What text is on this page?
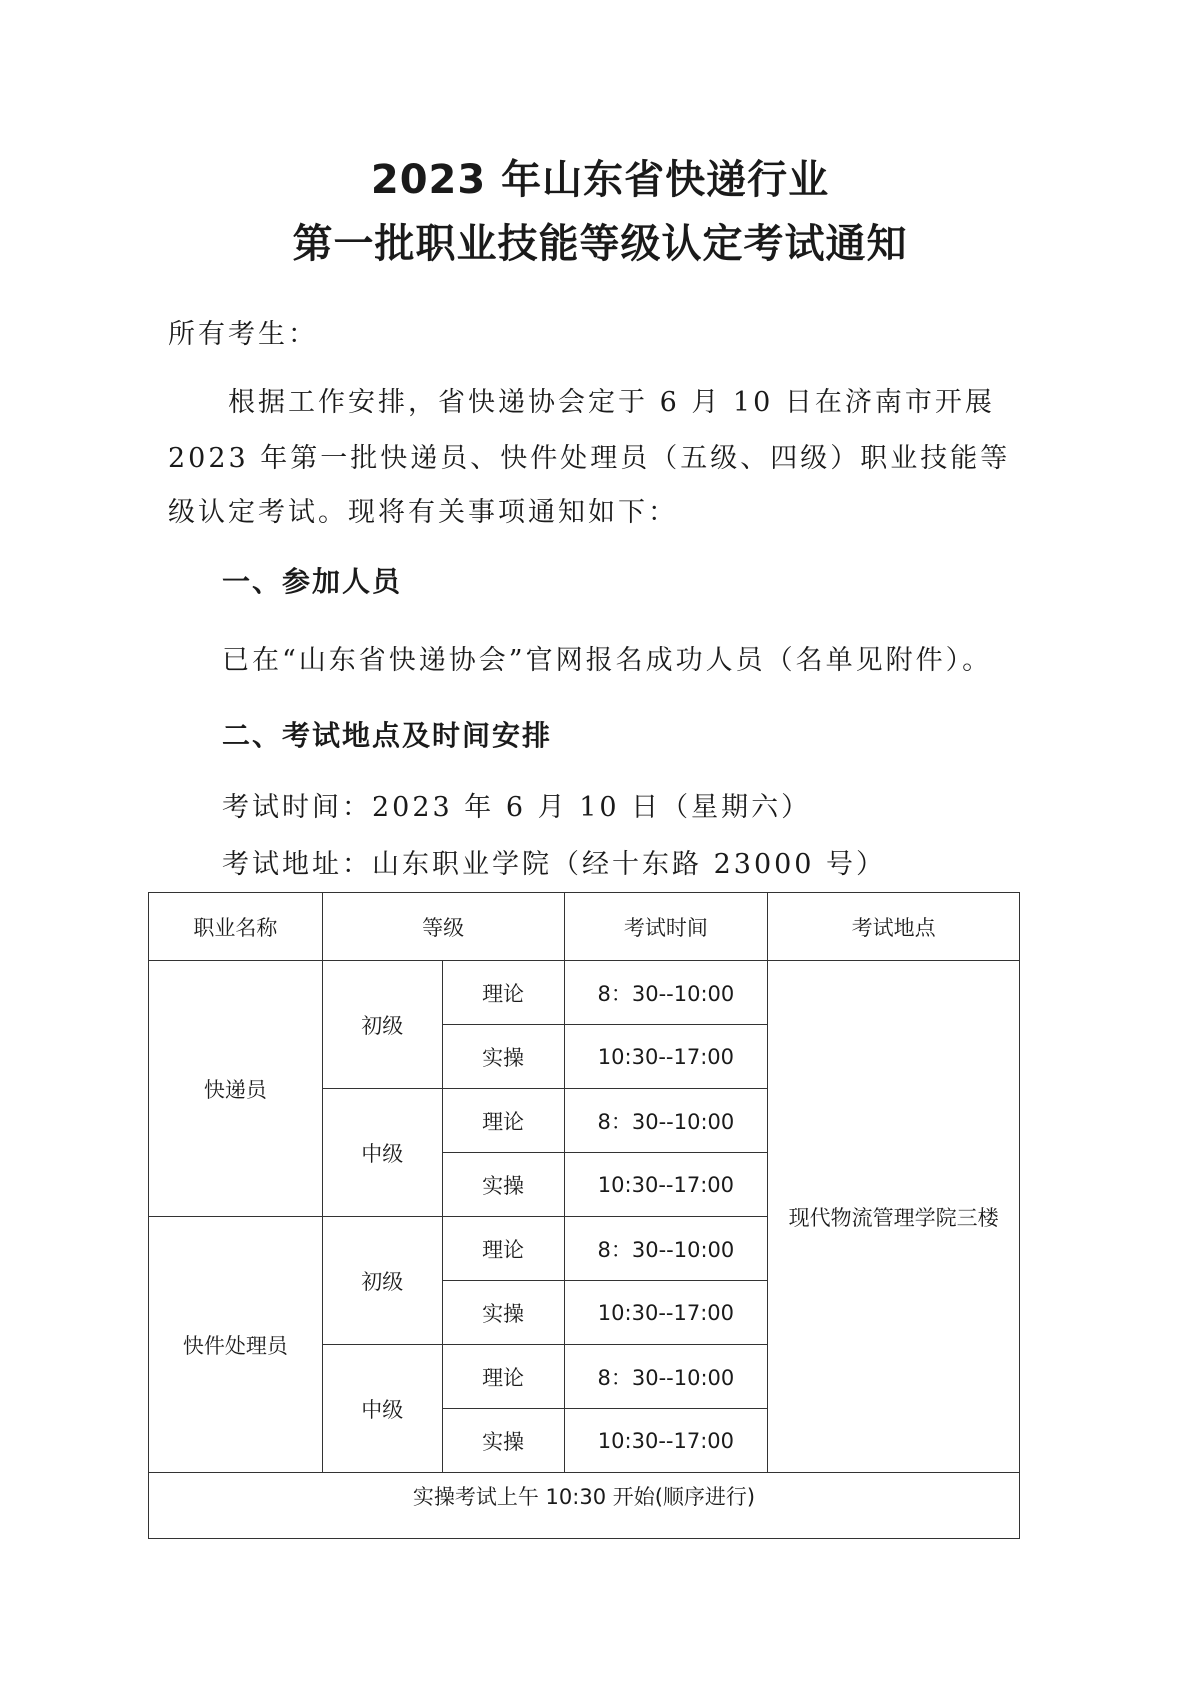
2023 年山东省快递行业
第一批职业技能等级认定考试通知
所有考生：
根据工作安排，省快递协会定于 6 月 10 日在济南市开展
2023 年第一批快递员、快件处理员（五级、四级）职业技能等
级认定考试。现将有关事项通知如下：
一、参加人员
已在“山东省快递协会”官网报名成功人员（名单见附件）。
二、考试地点及时间安排
考试时间：2023 年 6 月 10 日（星期六）
考试地址：山东职业学院（经十东路 23000 号）
职业名称	等级		考试时间	考试地点
快递员	初级	理论	8：30--10:00	现代物流管理学院三楼
		实操	10:30--17:00	
	中级	理论	8：30--10:00	
		实操	10:30--17:00	
快件处理员	初级	理论	8：30--10:00	
		实操	10:30--17:00	
	中级	理论	8：30--10:00	
		实操	10:30--17:00	
实操考试上午 10:30 开始(顺序进行)				
